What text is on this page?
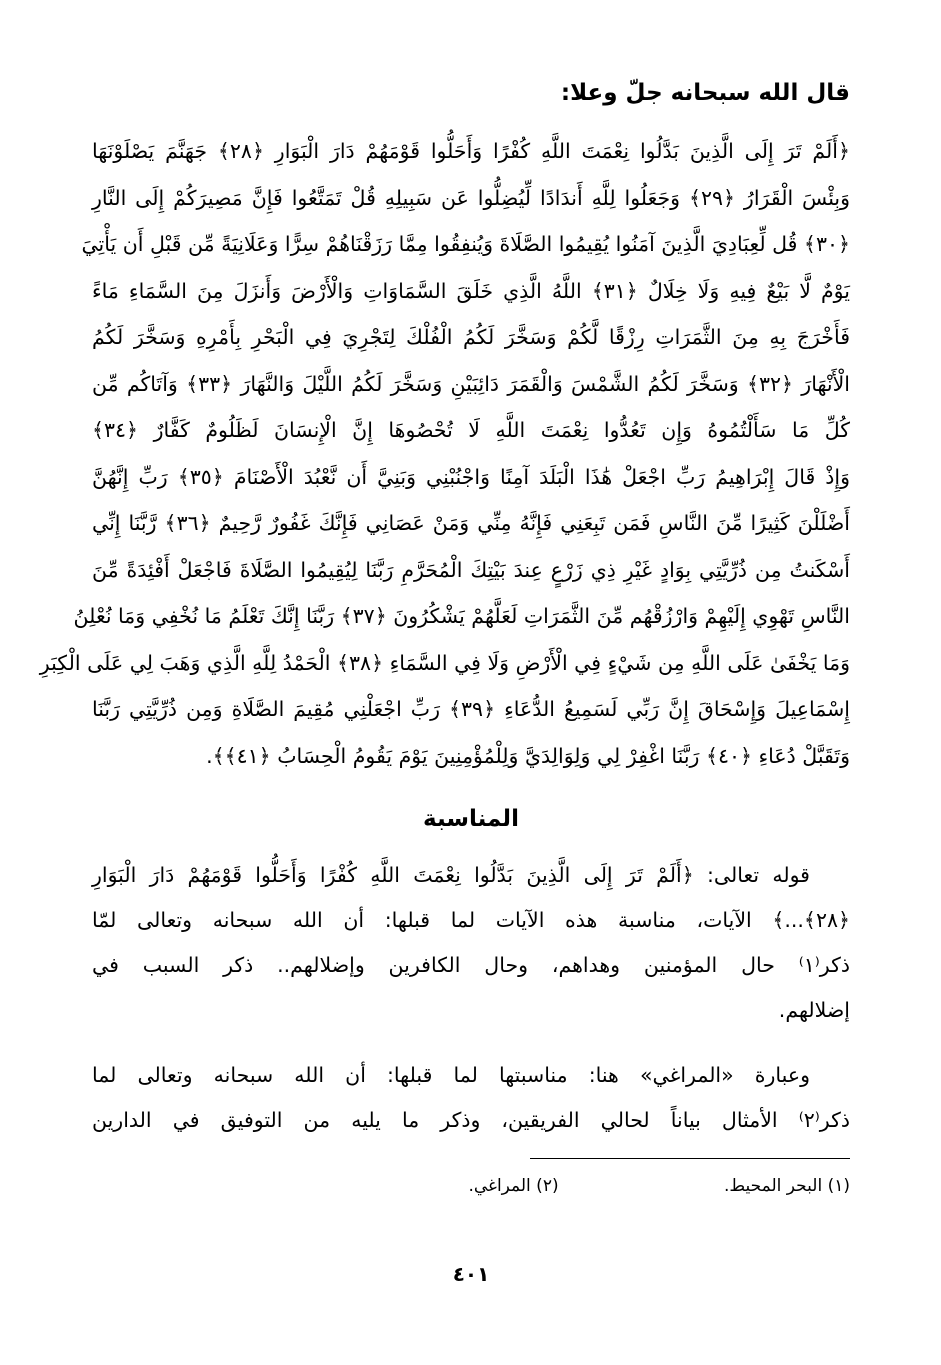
قال الله سبحانه جلّ وعلا:
﴿أَلَمْ تَرَ إِلَى الَّذِينَ بَدَّلُوا نِعْمَتَ اللَّهِ كُفْرًا وَأَحَلُّوا قَوْمَهُمْ دَارَ الْبَوَارِ ﴿٢٨﴾ جَهَنَّمَ يَصْلَوْنَهَا
وَبِئْسَ الْقَرَارُ ﴿٢٩﴾ وَجَعَلُوا لِلَّهِ أَندَادًا لِّيُضِلُّوا عَن سَبِيلِهِ قُلْ تَمَتَّعُوا فَإِنَّ مَصِيرَكُمْ إِلَى النَّارِ
﴿٣٠﴾ قُل لِّعِبَادِيَ الَّذِينَ آمَنُوا يُقِيمُوا الصَّلَاةَ وَيُنفِقُوا مِمَّا رَزَقْنَاهُمْ سِرًّا وَعَلَانِيَةً مِّن قَبْلِ أَن يَأْتِيَ
يَوْمٌ لَّا بَيْعٌ فِيهِ وَلَا خِلَالٌ ﴿٣١﴾ اللَّهُ الَّذِي خَلَقَ السَّمَاوَاتِ وَالْأَرْضَ وَأَنزَلَ مِنَ السَّمَاءِ مَاءً
فَأَخْرَجَ بِهِ مِنَ الثَّمَرَاتِ رِزْقًا لَّكُمْ وَسَخَّرَ لَكُمُ الْفُلْكَ لِتَجْرِيَ فِي الْبَحْرِ بِأَمْرِهِ وَسَخَّرَ لَكُمُ
الْأَنْهَارَ ﴿٣٢﴾ وَسَخَّرَ لَكُمُ الشَّمْسَ وَالْقَمَرَ دَائِبَيْنِ وَسَخَّرَ لَكُمُ اللَّيْلَ وَالنَّهَارَ ﴿٣٣﴾ وَآتَاكُم مِّن
كُلِّ مَا سَأَلْتُمُوهُ وَإِن تَعُدُّوا نِعْمَتَ اللَّهِ لَا تُحْصُوهَا إِنَّ الْإِنسَانَ لَظَلُومٌ كَفَّارٌ ﴿٣٤﴾
وَإِذْ قَالَ إِبْرَاهِيمُ رَبِّ اجْعَلْ هَٰذَا الْبَلَدَ آمِنًا وَاجْنُبْنِي وَبَنِيَّ أَن نَّعْبُدَ الْأَصْنَامَ ﴿٣٥﴾ رَبِّ إِنَّهُنَّ
أَضْلَلْنَ كَثِيرًا مِّنَ النَّاسِ فَمَن تَبِعَنِي فَإِنَّهُ مِنِّي وَمَنْ عَصَانِي فَإِنَّكَ غَفُورٌ رَّحِيمٌ ﴿٣٦﴾ رَّبَّنَا إِنِّي
أَسْكَنتُ مِن ذُرِّيَّتِي بِوَادٍ غَيْرِ ذِي زَرْعٍ عِندَ بَيْتِكَ الْمُحَرَّمِ رَبَّنَا لِيُقِيمُوا الصَّلَاةَ فَاجْعَلْ أَفْئِدَةً مِّنَ
النَّاسِ تَهْوِي إِلَيْهِمْ وَارْزُقْهُم مِّنَ الثَّمَرَاتِ لَعَلَّهُمْ يَشْكُرُونَ ﴿٣٧﴾ رَبَّنَا إِنَّكَ تَعْلَمُ مَا نُخْفِي وَمَا نُعْلِنُ
وَمَا يَخْفَىٰ عَلَى اللَّهِ مِن شَيْءٍ فِي الْأَرْضِ وَلَا فِي السَّمَاءِ ﴿٣٨﴾ الْحَمْدُ لِلَّهِ الَّذِي وَهَبَ لِي عَلَى الْكِبَرِ
إِسْمَاعِيلَ وَإِسْحَاقَ إِنَّ رَبِّي لَسَمِيعُ الدُّعَاءِ ﴿٣٩﴾ رَبِّ اجْعَلْنِي مُقِيمَ الصَّلَاةِ وَمِن ذُرِّيَّتِي رَبَّنَا
وَتَقَبَّلْ دُعَاءِ ﴿٤٠﴾ رَبَّنَا اغْفِرْ لِي وَلِوَالِدَيَّ وَلِلْمُؤْمِنِينَ يَوْمَ يَقُومُ الْحِسَابُ ﴿٤١﴾﴾.
المناسبة
قوله تعالى: ﴿أَلَمْ تَرَ إِلَى الَّذِينَ بَدَّلُوا نِعْمَتَ اللَّهِ كُفْرًا وَأَحَلُّوا قَوْمَهُمْ دَارَ الْبَوَارِ
﴿٢٨﴾...﴾ الآيات، مناسبة هذه الآيات لما قبلها: أن الله سبحانه وتعالى لمّا
ذكر⁽١⁾ حال المؤمنين وهداهم، وحال الكافرين وإضلالهم.. ذكر السبب في
إضلالهم.
وعبارة «المراغي» هنا: مناسبتها لما قبلها: أن الله سبحانه وتعالى لما
ذكر⁽٢⁾ الأمثال بياناً لحالي الفريقين، وذكر ما يليه من التوفيق في الدارين
(١) البحر المحيط. (٢) المراغي.
٤٠١
